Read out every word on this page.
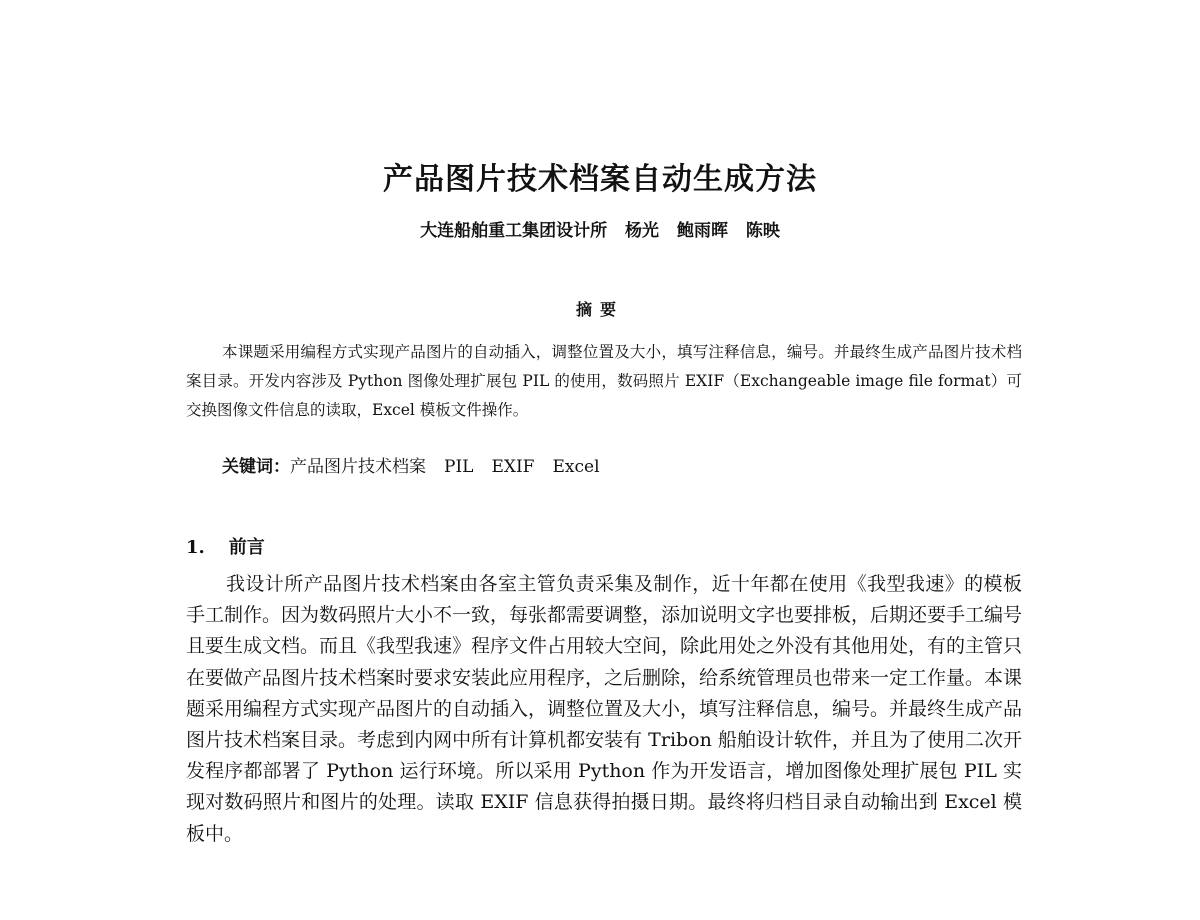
产品图片技术档案自动生成方法
大连船舶重工集团设计所 杨光 鲍雨晖 陈映
摘要

本课题采用编程方式实现产品图片的自动插入，调整位置及大小，填写注释信息，编号。并最终生成产品图片技术档案目录。开发内容涉及 Python 图像处理扩展包 PIL 的使用，数码照片 EXIF（Exchangeable image file format）可交换图像文件信息的读取，Excel 模板文件操作。

关键词：产品图片技术档案 PIL EXIF Excel

1. 前言

我设计所产品图片技术档案由各室主管负责采集及制作，近十年都在使用《我型我速》的模板手工制作。因为数码照片大小不一致，每张都需要调整，添加说明文字也要排板，后期还要手工编号且要生成文档。而且《我型我速》程序文件占用较大空间，除此用处之外没有其他用处，有的主管只在要做产品图片技术档案时要求安装此应用程序，之后删除，给系统管理员也带来一定工作量。本课题采用编程方式实现产品图片的自动插入，调整位置及大小，填写注释信息，编号。并最终生成产品图片技术档案目录。考虑到内网中所有计算机都安装有 Tribon 船舶设计软件，并且为了使用二次开发程序都部署了 Python 运行环境。所以采用 Python 作为开发语言，增加图像处理扩展包 PIL 实现对数码照片和图片的处理。读取 EXIF 信息获得拍摄日期。最终将归档目录自动输出到 Excel 模板中。
